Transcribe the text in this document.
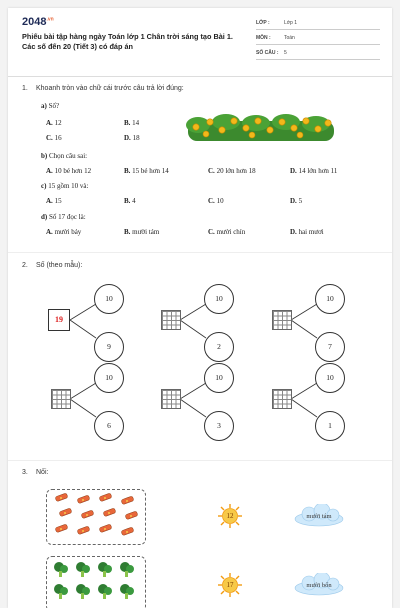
$2048^{.vn}$
Phiếu bài tập hàng ngày Toán lớp 1 Chân trời sáng tạo Bài 1. Các số đến 20 (Tiết 3) có đáp án
LỚP :	Lớp 1
MÔN :	Toán
SỐ CÂU : 5
1. Khoanh tròn vào chữ cái trước câu trả lời đúng:
a) Số?
A. 12	B. 14
C. 16	D. 18
b) Chọn câu sai:
A. 10 bé hơn 12	B. 15 bé hơn 14	C. 20 lớn hơn 18	D. 14 lớn hơn 11
c) 15 gồm 10 và:
A. 15	B. 4	C. 10	D. 5
d) Số 17 đọc là:
A. mười bảy	B. mười tám	C. mười chín	D. hai mươi
2. Số (theo mẫu):
19
10
9
10
2
10
7
10
6
10
3
10
1
3. Nối:
12
17
mười tám
mười bốn
